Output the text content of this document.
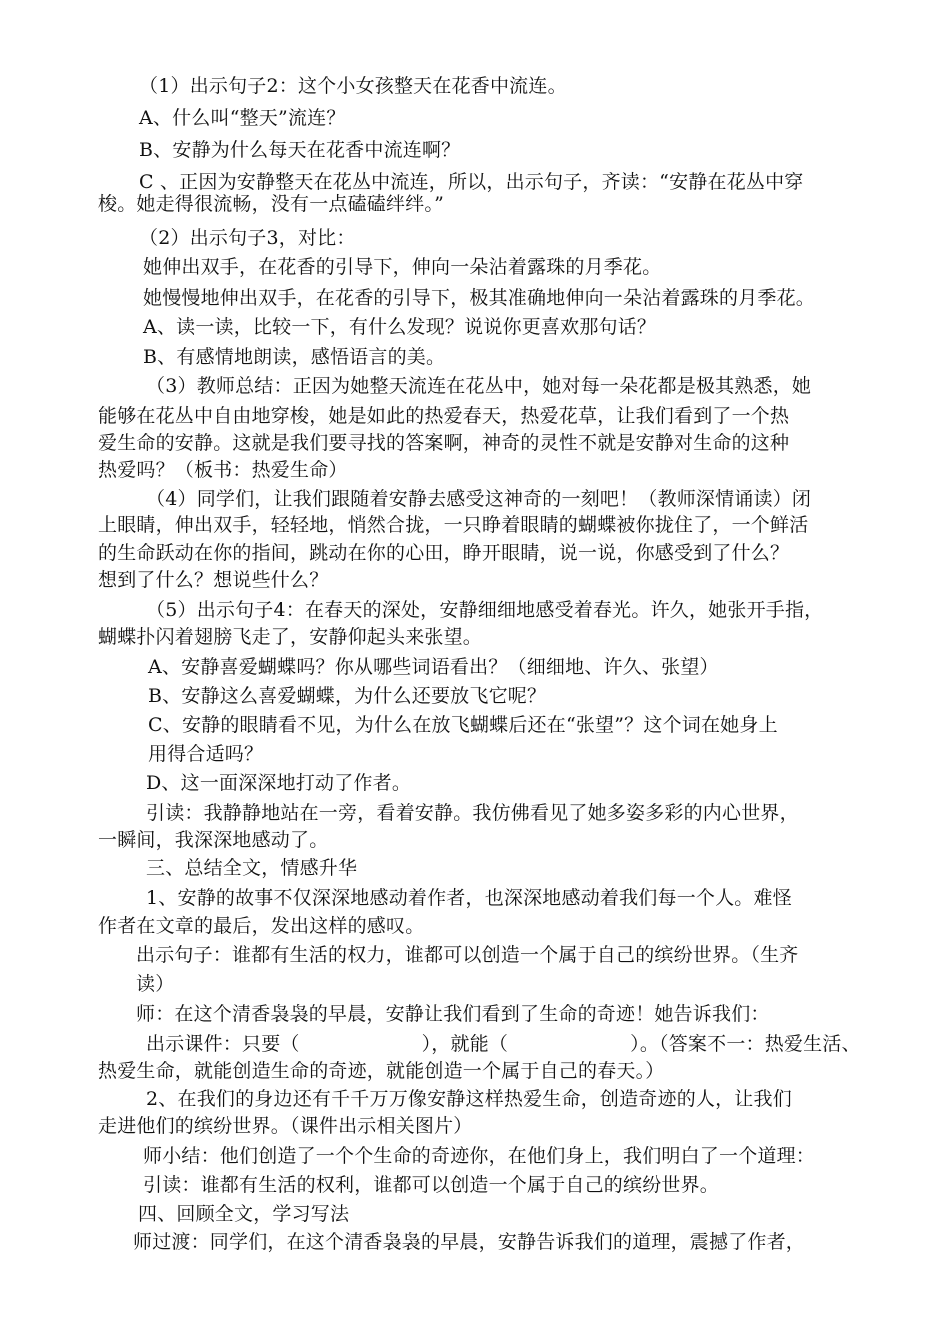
（1）出示句子2：这个小女孩整天在花香中流连。
A、什么叫“整天”流连？
B、安静为什么每天在花香中流连啊？
C 、正因为安静整天在花丛中流连，所以，出示句子，齐读：“安静在花丛中穿
梭。她走得很流畅，没有一点磕磕绊绊。”
（2）出示句子3，对比：
她伸出双手，在花香的引导下，伸向一朵沾着露珠的月季花。
她慢慢地伸出双手，在花香的引导下，极其准确地伸向一朵沾着露珠的月季花。
A、读一读，比较一下，有什么发现？说说你更喜欢那句话？
B、有感情地朗读，感悟语言的美。
（3）教师总结：正因为她整天流连在花丛中，她对每一朵花都是极其熟悉，她
能够在花丛中自由地穿梭，她是如此的热爱春天，热爱花草，让我们看到了一个热
爱生命的安静。这就是我们要寻找的答案啊，神奇的灵性不就是安静对生命的这种
热爱吗？（板书：热爱生命）
（4）同学们，让我们跟随着安静去感受这神奇的一刻吧！（教师深情诵读）闭
上眼睛，伸出双手，轻轻地，悄然合拢，一只睁着眼睛的蝴蝶被你拢住了，一个鲜活
的生命跃动在你的指间，跳动在你的心田，睁开眼睛，说一说，你感受到了什么？
想到了什么？想说些什么？
（5）出示句子4：在春天的深处，安静细细地感受着春光。许久，她张开手指，
蝴蝶扑闪着翅膀飞走了，安静仰起头来张望。
A、安静喜爱蝴蝶吗？你从哪些词语看出？（细细地、许久、张望）
B、安静这么喜爱蝴蝶，为什么还要放飞它呢？
C、安静的眼睛看不见，为什么在放飞蝴蝶后还在“张望”？这个词在她身上
用得合适吗？
D、这一面深深地打动了作者。
引读：我静静地站在一旁，看着安静。我仿佛看见了她多姿多彩的内心世界，
一瞬间，我深深地感动了。
三、总结全文，情感升华
1、安静的故事不仅深深地感动着作者，也深深地感动着我们每一个人。难怪
作者在文章的最后，发出这样的感叹。
出示句子：谁都有生活的权力，谁都可以创造一个属于自己的缤纷世界。（生齐
读）
师：在这个清香袅袅的早晨，安静让我们看到了生命的奇迹！她告诉我们：
出示课件：只要（	），就能（	）。（答案不一：热爱生活、
热爱生命，就能创造生命的奇迹，就能创造一个属于自己的春天。）
2、在我们的身边还有千千万万像安静这样热爱生命，创造奇迹的人，让我们
走进他们的缤纷世界。（课件出示相关图片）
师小结：他们创造了一个个生命的奇迹你，在他们身上，我们明白了一个道理：
引读：谁都有生活的权利，谁都可以创造一个属于自己的缤纷世界。
四、回顾全文，学习写法
师过渡：同学们，在这个清香袅袅的早晨，安静告诉我们的道理，震撼了作者，
